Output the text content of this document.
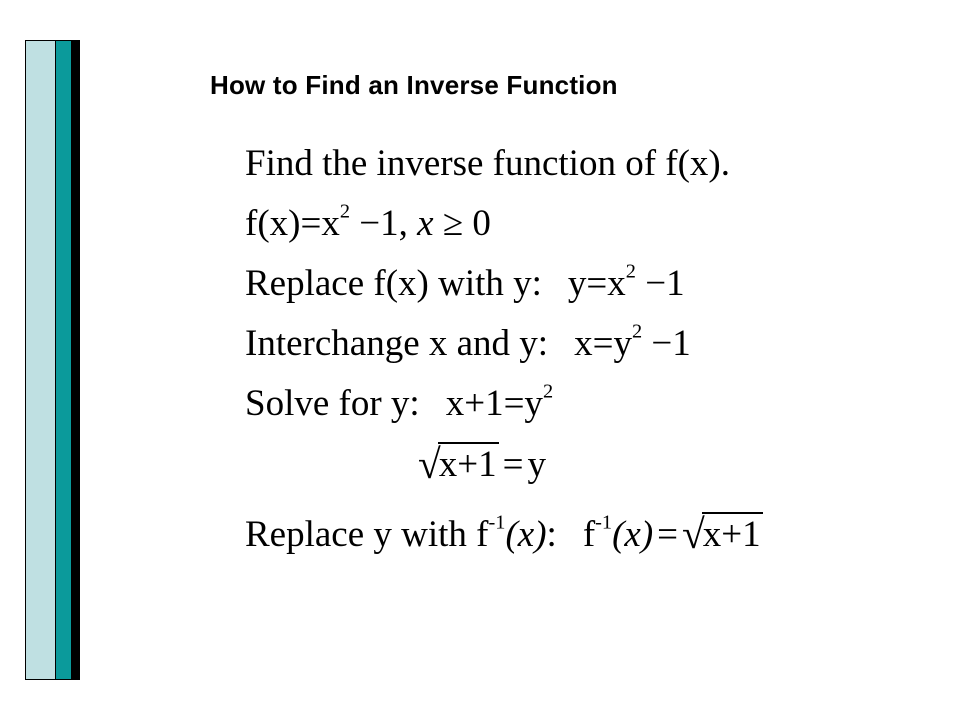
How to Find an Inverse Function
Find the inverse function of f(x).
$f(x)=x^2 -1$, x ≥ 0
Replace f(x) with y: $y=x^2 -1$
Interchange x and y: $x=y^2 -1$
Solve for y: $x+1=y^2$
√x+1 = y
Replace y with $f^{-1}(x)$: $f^{-1}(x) =√x+1$
